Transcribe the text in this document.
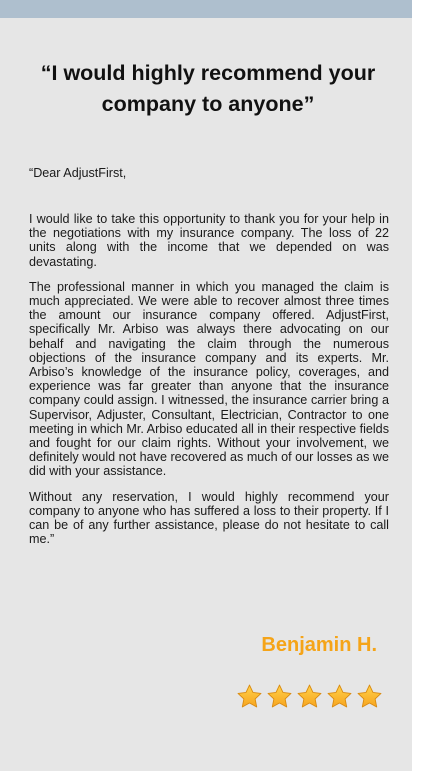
“I would highly recommend your company to anyone”

“Dear AdjustFirst,

I would like to take this opportunity to thank you for your help in the negotiations with my insurance company. The loss of 22 units along with the income that we depended on was devastating.

The professional manner in which you managed the claim is much appreciated. We were able to recover almost three times the amount our insurance company offered. AdjustFirst, specifically Mr. Arbiso was always there advocating on our behalf and navigating the claim through the numerous objections of the insurance company and its experts. Mr. Arbiso’s knowledge of the insurance policy, coverages, and experience was far greater than anyone that the insurance company could assign. I witnessed, the insurance carrier bring a Supervisor, Adjuster, Consultant, Electrician, Contractor to one meeting in which Mr. Arbiso educated all in their respective fields and fought for our claim rights. Without your involvement, we definitely would not have recovered as much of our losses as we did with your assistance.

Without any reservation, I would highly recommend your company to anyone who has suffered a loss to their property. If I can be of any further assistance, please do not hesitate to call me.”

Benjamin H.
